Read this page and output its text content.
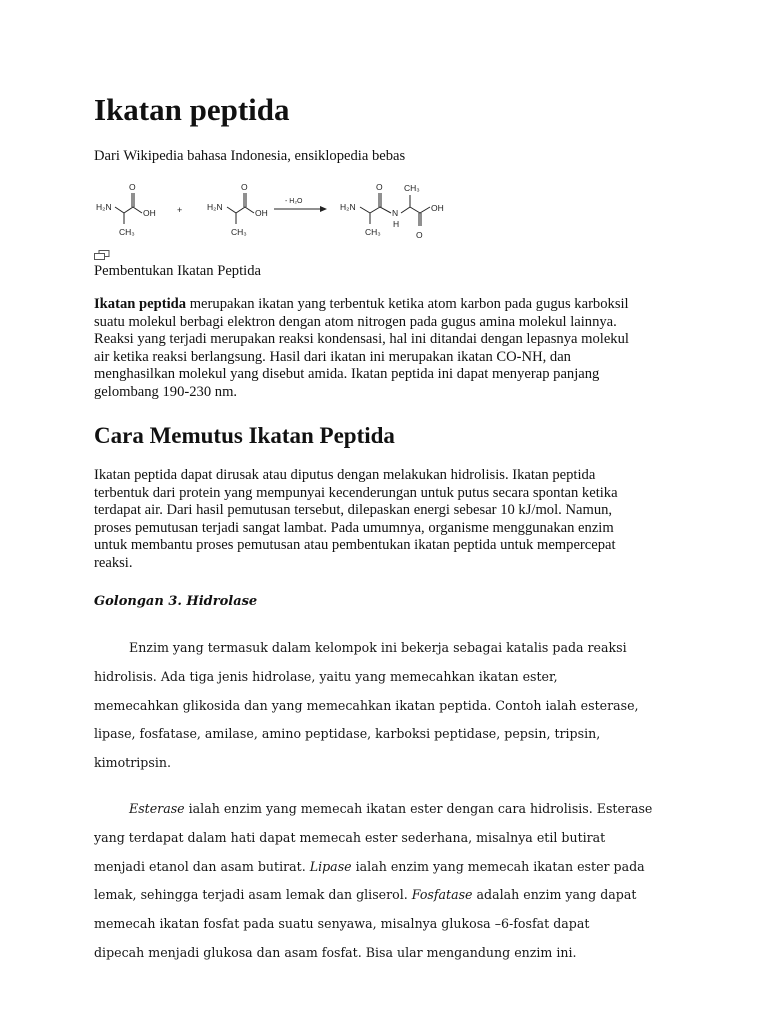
Ikatan peptida

Dari Wikipedia bahasa Indonesia, ensiklopedia bebas

H₂N
O
OH
CH₃
+	H₂N
O
OH
CH₃
- H₂O
H₂N
O
CH₃
N
H
CH₃
OH
O

Pembentukan Ikatan Peptida

Ikatan peptida merupakan ikatan yang terbentuk ketika atom karbon pada gugus karboksil
suatu molekul berbagi elektron dengan atom nitrogen pada gugus amina molekul lainnya.
Reaksi yang terjadi merupakan reaksi kondensasi, hal ini ditandai dengan lepasnya molekul
air ketika reaksi berlangsung. Hasil dari ikatan ini merupakan ikatan CO-NH, dan
menghasilkan molekul yang disebut amida. Ikatan peptida ini dapat menyerap panjang
gelombang 190-230 nm.

Cara Memutus Ikatan Peptida

Ikatan peptida dapat dirusak atau diputus dengan melakukan hidrolisis. Ikatan peptida
terbentuk dari protein yang mempunyai kecenderungan untuk putus secara spontan ketika
terdapat air. Dari hasil pemutusan tersebut, dilepaskan energi sebesar 10 kJ/mol. Namun,
proses pemutusan terjadi sangat lambat. Pada umumnya, organisme menggunakan enzim
untuk membantu proses pemutusan atau pembentukan ikatan peptida untuk mempercepat
reaksi.

Golongan 3. Hidrolase

Enzim yang termasuk dalam kelompok ini bekerja sebagai katalis pada reaksi
hidrolisis. Ada tiga jenis hidrolase, yaitu yang memecahkan ikatan ester,
memecahkan glikosida dan yang memecahkan ikatan peptida. Contoh ialah esterase,
lipase, fosfatase, amilase, amino peptidase, karboksi peptidase, pepsin, tripsin,
kimotripsin.

Esterase ialah enzim yang memecah ikatan ester dengan cara hidrolisis. Esterase
yang terdapat dalam hati dapat memecah ester sederhana, misalnya etil butirat
menjadi etanol dan asam butirat. Lipase ialah enzim yang memecah ikatan ester pada
lemak, sehingga terjadi asam lemak dan gliserol. Fosfatase adalah enzim yang dapat
memecah ikatan fosfat pada suatu senyawa, misalnya glukosa –6-fosfat dapat
dipecah menjadi glukosa dan asam fosfat. Bisa ular mengandung enzim ini.
